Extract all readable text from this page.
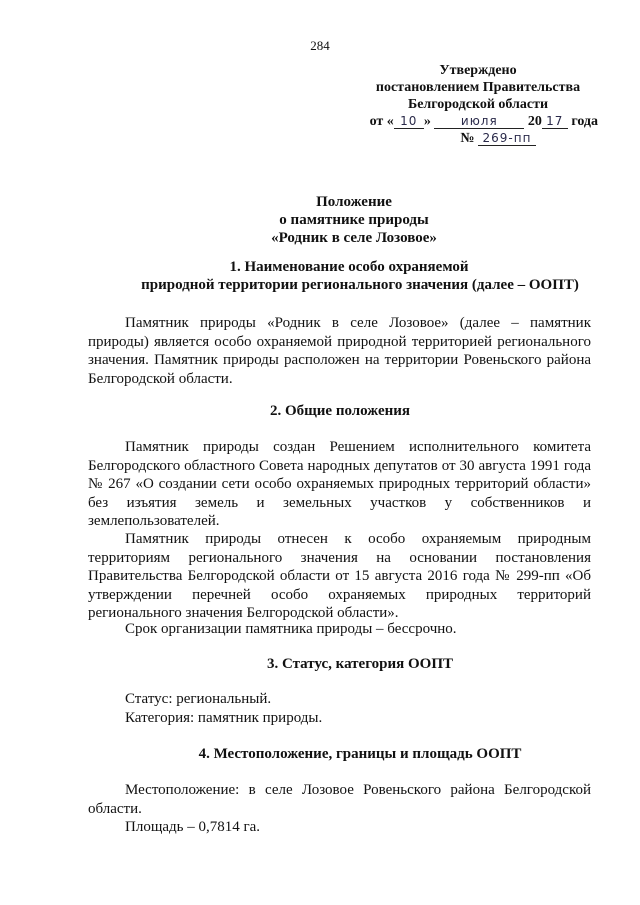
284
Утверждено
постановлением Правительства
Белгородской области
от « 10 »	июля 20 17 года
№ 269-пп
Положение
о памятнике природы
«Родник в селе Лозовое»
1. Наименование особо охраняемой
природной территории регионального значения (далее – ООПТ)

Памятник природы «Родник в селе Лозовое» (далее – памятник природы) является особо охраняемой природной территорией регионального значения. Памятник природы расположен на территории Ровеньского района Белгородской области.

2. Общие положения

Памятник природы создан Решением исполнительного комитета Белгородского областного Совета народных депутатов от 30 августа 1991 года № 267 «О создании сети особо охраняемых природных территорий области» без изъятия земель и земельных участков у собственников и землепользователей.

Памятник природы отнесен к особо охраняемым природным территориям регионального значения на основании постановления Правительства Белгородской области от 15 августа 2016 года № 299-пп «Об утверждении перечней особо охраняемых природных территорий регионального значения Белгородской области».

Срок организации памятника природы – бессрочно.

3. Статус, категория ООПТ
Статус: региональный.
Категория: памятник природы.
4. Местоположение, границы и площадь ООПТ

Местоположение: в селе Лозовое Ровеньского района Белгородской области.

Площадь – 0,7814 га.
